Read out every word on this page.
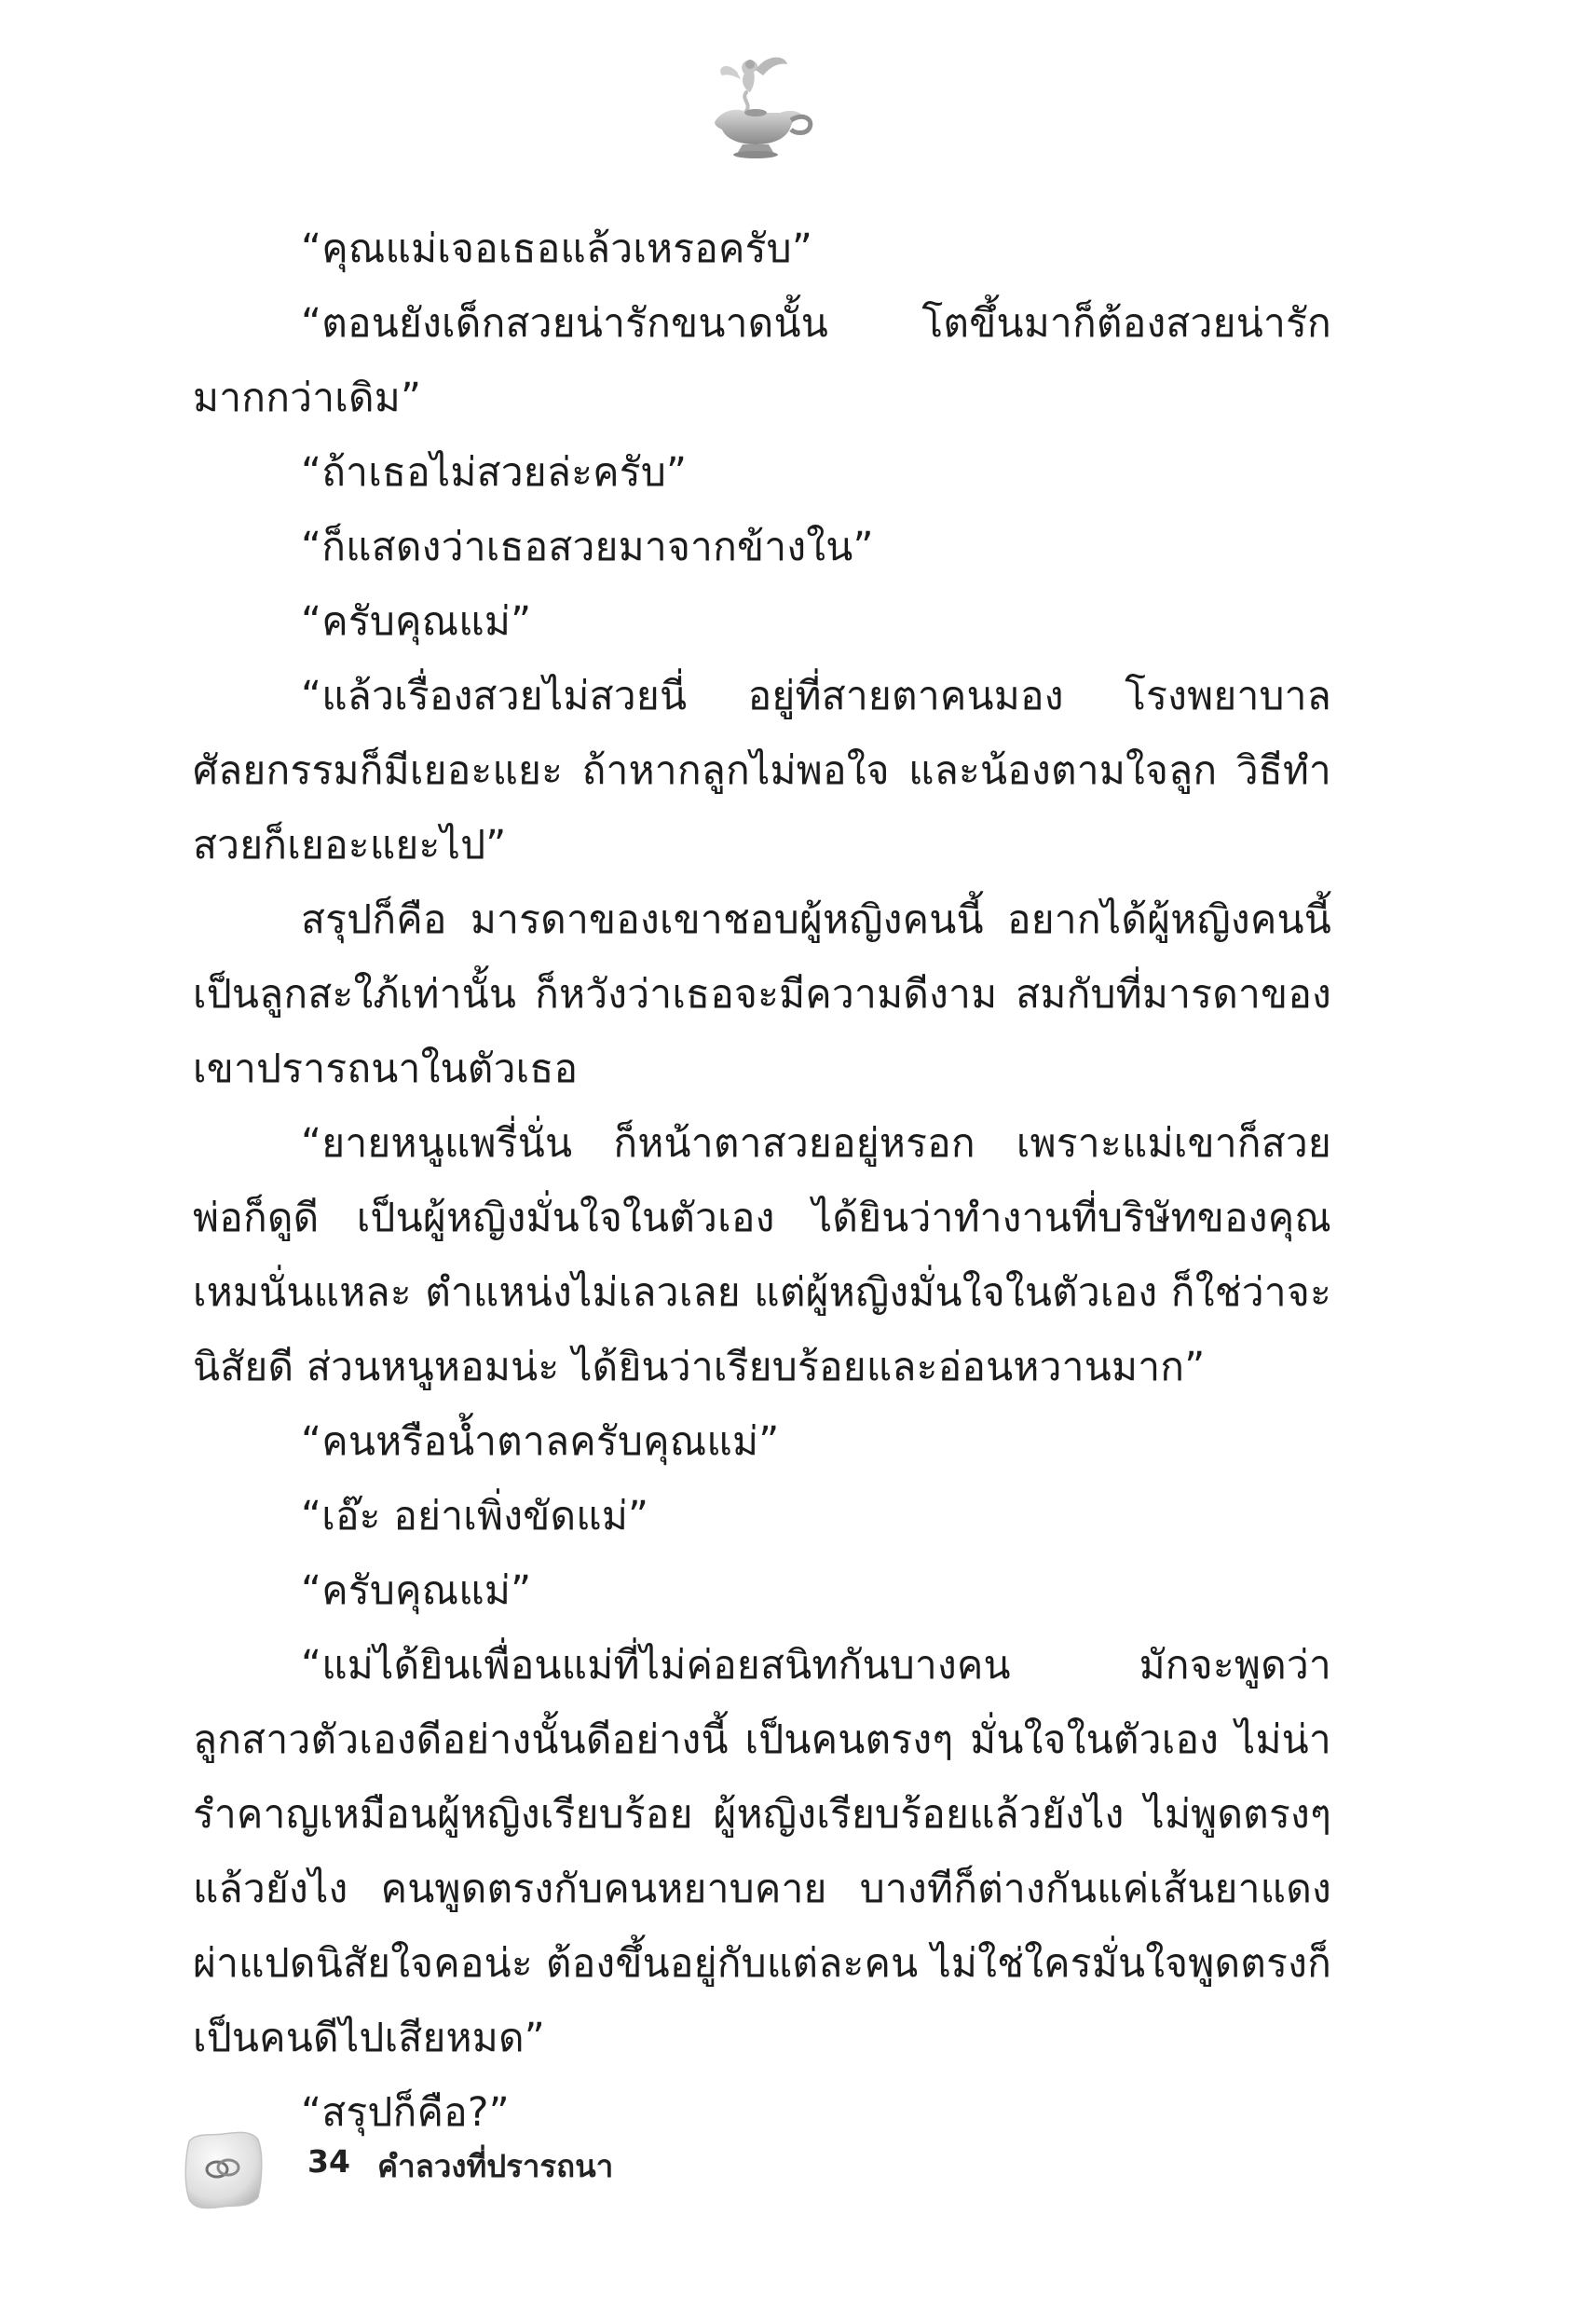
“คุณแม่เจอเธอแล้วเหรอครับ”

“ตอนยังเด็กสวยน่ารักขนาดนั้น โตขึ้นมาก็ต้องสวยน่ารักมากกว่าเดิม”

“ถ้าเธอไม่สวยล่ะครับ”

“ก็แสดงว่าเธอสวยมาจากข้างใน”

“ครับคุณแม่”

“แล้วเรื่องสวยไม่สวยนี่ อยู่ที่สายตาคนมอง โรงพยาบาลศัลยกรรมก็มีเยอะแยะ ถ้าหากลูกไม่พอใจ และน้องตามใจลูก วิธีทำสวยก็เยอะแยะไป”

สรุปก็คือ มารดาของเขาชอบผู้หญิงคนนี้ อยากได้ผู้หญิงคนนี้เป็นลูกสะใภ้เท่านั้น ก็หวังว่าเธอจะมีความดีงาม สมกับที่มารดาของเขาปรารถนาในตัวเธอ

“ยายหนูแพรี่นั่น ก็หน้าตาสวยอยู่หรอก เพราะแม่เขาก็สวย พ่อก็ดูดี เป็นผู้หญิงมั่นใจในตัวเอง ได้ยินว่าทำงานที่บริษัทของคุณเหมนั่นแหละ ตำแหน่งไม่เลวเลย แต่ผู้หญิงมั่นใจในตัวเอง ก็ใช่ว่าจะนิสัยดี ส่วนหนูหอมน่ะ ได้ยินว่าเรียบร้อยและอ่อนหวานมาก”

“คนหรือน้ำตาลครับคุณแม่”

“เอ๊ะ อย่าเพิ่งขัดแม่”

“ครับคุณแม่”

“แม่ได้ยินเพื่อนแม่ที่ไม่ค่อยสนิทกันบางคน มักจะพูดว่าลูกสาวตัวเองดีอย่างนั้นดีอย่างนี้ เป็นคนตรงๆ มั่นใจในตัวเอง ไม่น่ารำคาญเหมือนผู้หญิงเรียบร้อย ผู้หญิงเรียบร้อยแล้วยังไง ไม่พูดตรงๆ แล้วยังไง คนพูดตรงกับคนหยาบคาย บางทีก็ต่างกันแค่เส้นยาแดงผ่าแปดนิสัยใจคอน่ะ ต้องขึ้นอยู่กับแต่ละคน ไม่ใช่ใครมั่นใจพูดตรงก็เป็นคนดีไปเสียหมด”

“สรุปก็คือ?”

34 คำลวงที่ปรารถนา
